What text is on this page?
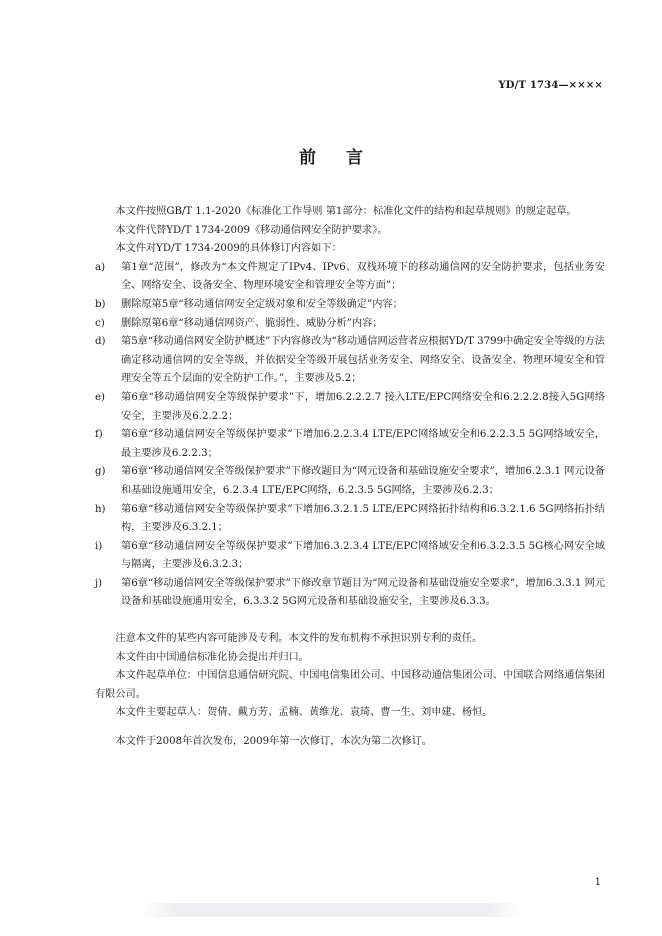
YD/T 1734—××××
前言

本文件按照GB/T 1.1-2020《标准化工作导则 第1部分：标准化文件的结构和起草规则》的规定起草。

本文件代替YD/T 1734-2009《移动通信网安全防护要求》。

本文件对YD/T 1734-2009的具体修订内容如下：

a) 第1章“范围”，修改为“本文件规定了IPv4、IPv6、双栈环境下的移动通信网的安全防护要求，包括业务安全、网络安全、设备安全、物理环境安全和管理安全等方面”；
b) 删除原第5章“移动通信网安全定级对象和安全等级确定”内容；
c) 删除原第6章“移动通信网资产、脆弱性、威胁分析”内容；
d) 第5章“移动通信网安全防护概述”下内容修改为“移动通信网运营者应根据YD/T 3799中确定安全等级的方法确定移动通信网的安全等级，并依据安全等级开展包括业务安全、网络安全、设备安全、物理环境安全和管理安全等五个层面的安全防护工作。”，主要涉及5.2；
e) 第6章“移动通信网安全等级保护要求”下，增加6.2.2.2.7 接入LTE/EPC网络安全和6.2.2.2.8接入5G网络安全，主要涉及6.2.2.2；
f) 第6章“移动通信网安全等级保护要求”下增加6.2.2.3.4 LTE/EPC网络域安全和6.2.2.3.5 5G网络域安全，最主要涉及6.2.2.3；
g) 第6章“移动通信网安全等级保护要求”下修改题目为“网元设备和基础设施安全要求”，增加6.2.3.1 网元设备和基础设施通用安全，6.2.3.4 LTE/EPC网络，6.2.3.5 5G网络，主要涉及6.2.3；
h) 第6章“移动通信网安全等级保护要求”下增加6.3.2.1.5 LTE/EPC网络拓扑结构和6.3.2.1.6 5G网络拓扑结构，主要涉及6.3.2.1；
i) 第6章“移动通信网安全等级保护要求”下增加6.3.2.3.4 LTE/EPC网络域安全和6.3.2.3.5 5G核心网安全域与隔离，主要涉及6.3.2.3；
j) 第6章“移动通信网安全等级保护要求”下修改章节题目为“网元设备和基础设施安全要求”，增加6.3.3.1 网元设备和基础设施通用安全，6.3.3.2 5G网元设备和基础设施安全，主要涉及6.3.3。

注意本文件的某些内容可能涉及专利。本文件的发布机构不承担识别专利的责任。

本文件由中国通信标准化协会提出并归口。

本文件起草单位：中国信息通信研究院、中国电信集团公司、中国移动通信集团公司、中国联合网络通信集团有限公司。

本文件主要起草人：贺倩、戴方芳、孟楠、黄维龙、袁琦、曹一生、刘申建、杨恒。

本文件于2008年首次发布，2009年第一次修订，本次为第二次修订。

1
